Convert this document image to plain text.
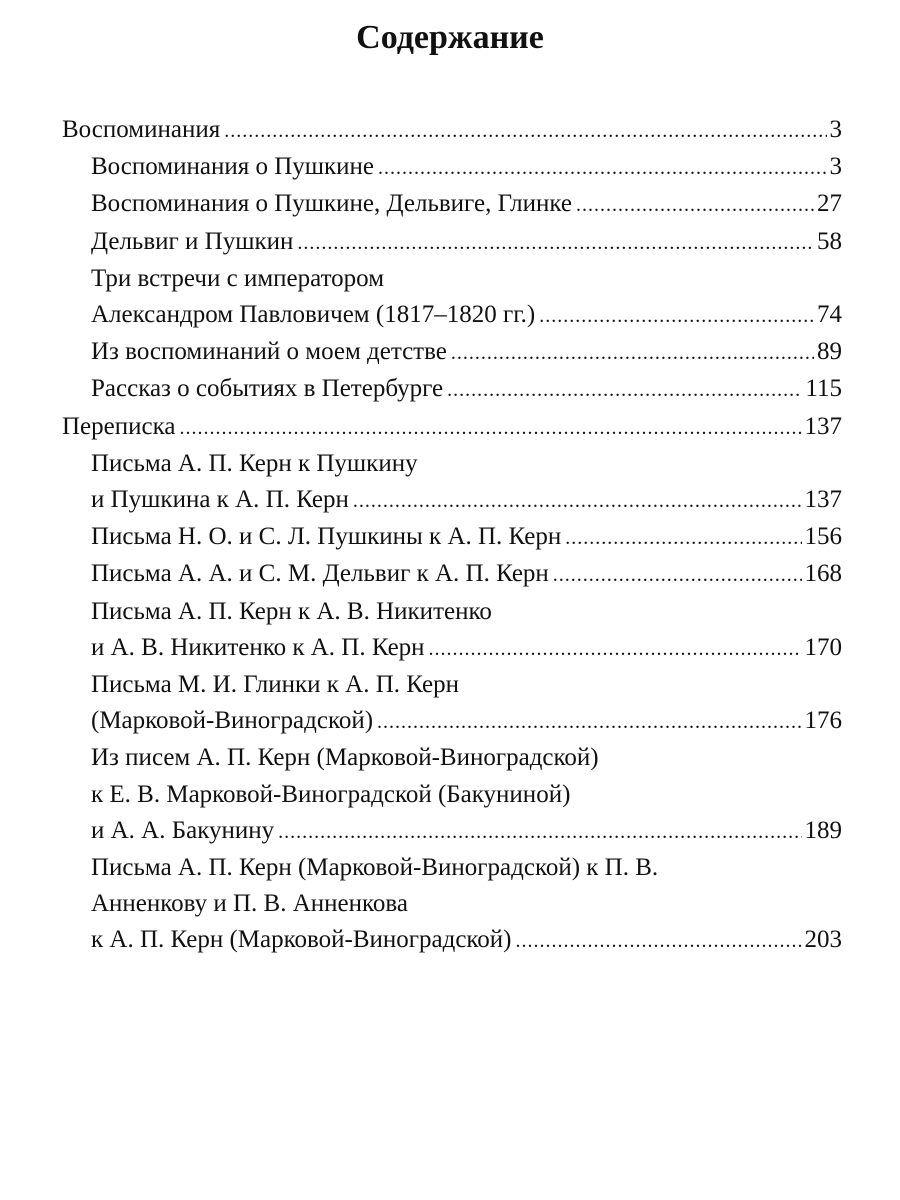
Содержание
Воспоминания .....	3
Воспоминания о Пушкине .....	3
Воспоминания о Пушкине, Дельвиге, Глинке .....	27
Дельвиг и Пушкин .....	58
Три встречи с императором
Александром Павловичем (1817–1820 гг.) .....	74
Из воспоминаний о моем детстве .....	89
Рассказ о событиях в Петербурге .....	115
Переписка .....	137
Письма А. П. Керн к Пушкину
и Пушкина к А. П. Керн .....	137
Письма Н. О. и С. Л. Пушкины к А. П. Керн .....	156
Письма А. А. и С. М. Дельвиг к А. П. Керн .....	168
Письма А. П. Керн к А. В. Никитенко
и А. В. Никитенко к А. П. Керн .....	170
Письма М. И. Глинки к А. П. Керн
(Марковой-Виноградской) .....	176
Из писем А. П. Керн (Марковой-Виноградской)
к Е. В. Марковой-Виноградской (Бакуниной)
и А. А. Бакунину .....	189
Письма А. П. Керн (Марковой-Виноградской) к П. В.
Анненкову и П. В. Анненкова
к А. П. Керн (Марковой-Виноградской) .....	203
